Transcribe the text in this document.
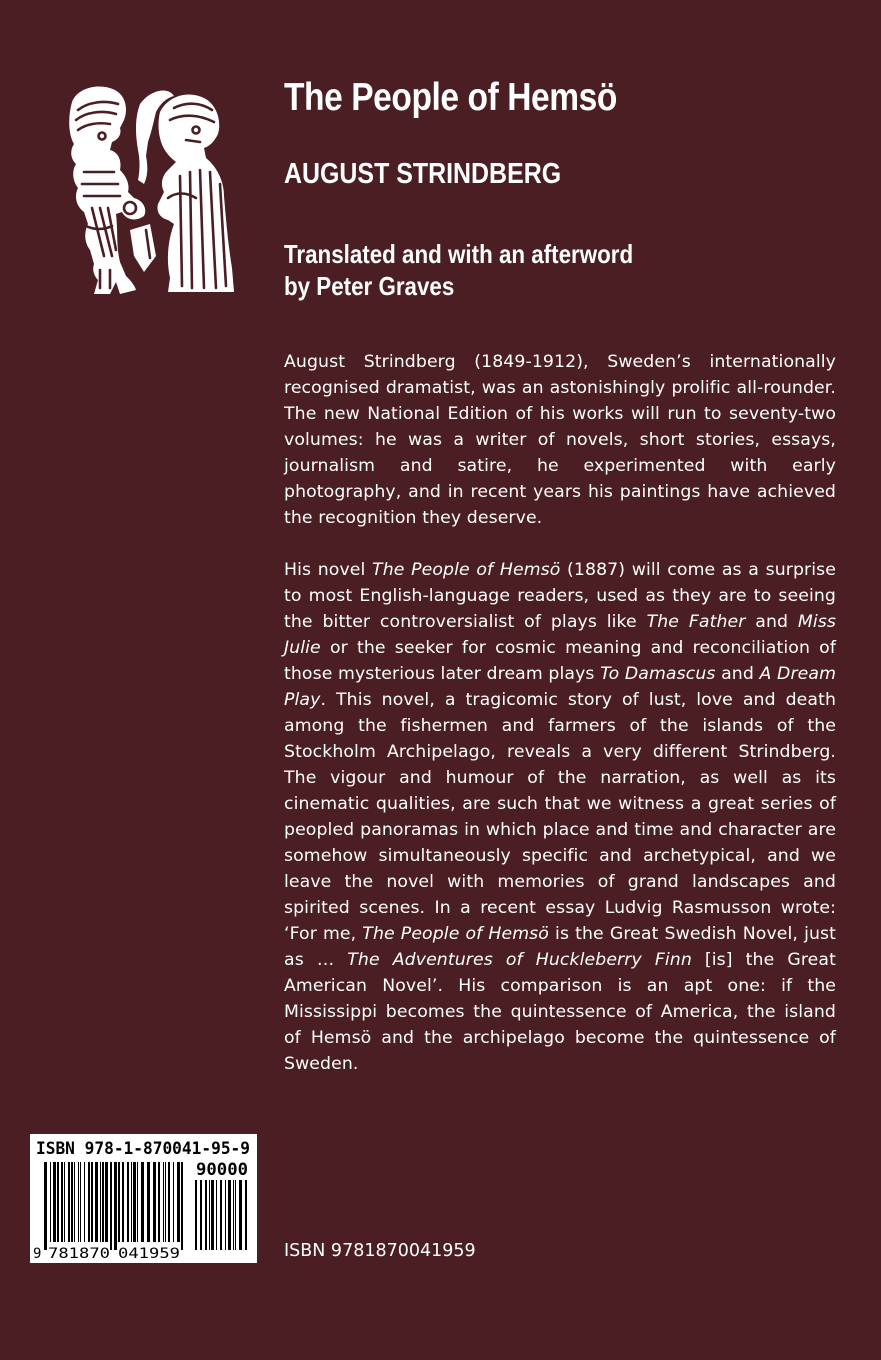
The People of Hemsö
AUGUST STRINDBERG
Translated and with an afterword
by Peter Graves

August Strindberg (1849-1912), Sweden’s internationally recognised dramatist, was an astonishingly prolific all-rounder. The new National Edition of his works will run to seventy-two volumes: he was a writer of novels, short stories, essays, journalism and satire, he experimented with early photography, and in recent years his paintings have achieved the recognition they deserve.

His novel The People of Hemsö (1887) will come as a surprise to most English-language readers, used as they are to seeing the bitter controversialist of plays like The Father and Miss Julie or the seeker for cosmic meaning and reconciliation of those mysterious later dream plays To Damascus and A Dream Play. This novel, a tragicomic story of lust, love and death among the fishermen and farmers of the islands of the Stockholm Archipelago, reveals a very different Strindberg. The vigour and humour of the narration, as well as its cinematic qualities, are such that we witness a great series of peopled panoramas in which place and time and character are somehow simultaneously specific and archetypical, and we leave the novel with memories of grand landscapes and spirited scenes. In a recent essay Ludvig Rasmusson wrote: ‘For me, The People of Hemsö is the Great Swedish Novel, just as … The Adventures of Huckleberry Finn [is] the Great American Novel’. His comparison is an apt one: if the Mississippi becomes the quintessence of America, the island of Hemsö and the archipelago become the quintessence of Sweden.

ISBN 978-1-870041-95-9
90000
9 781870 041959	ISBN 9781870041959
